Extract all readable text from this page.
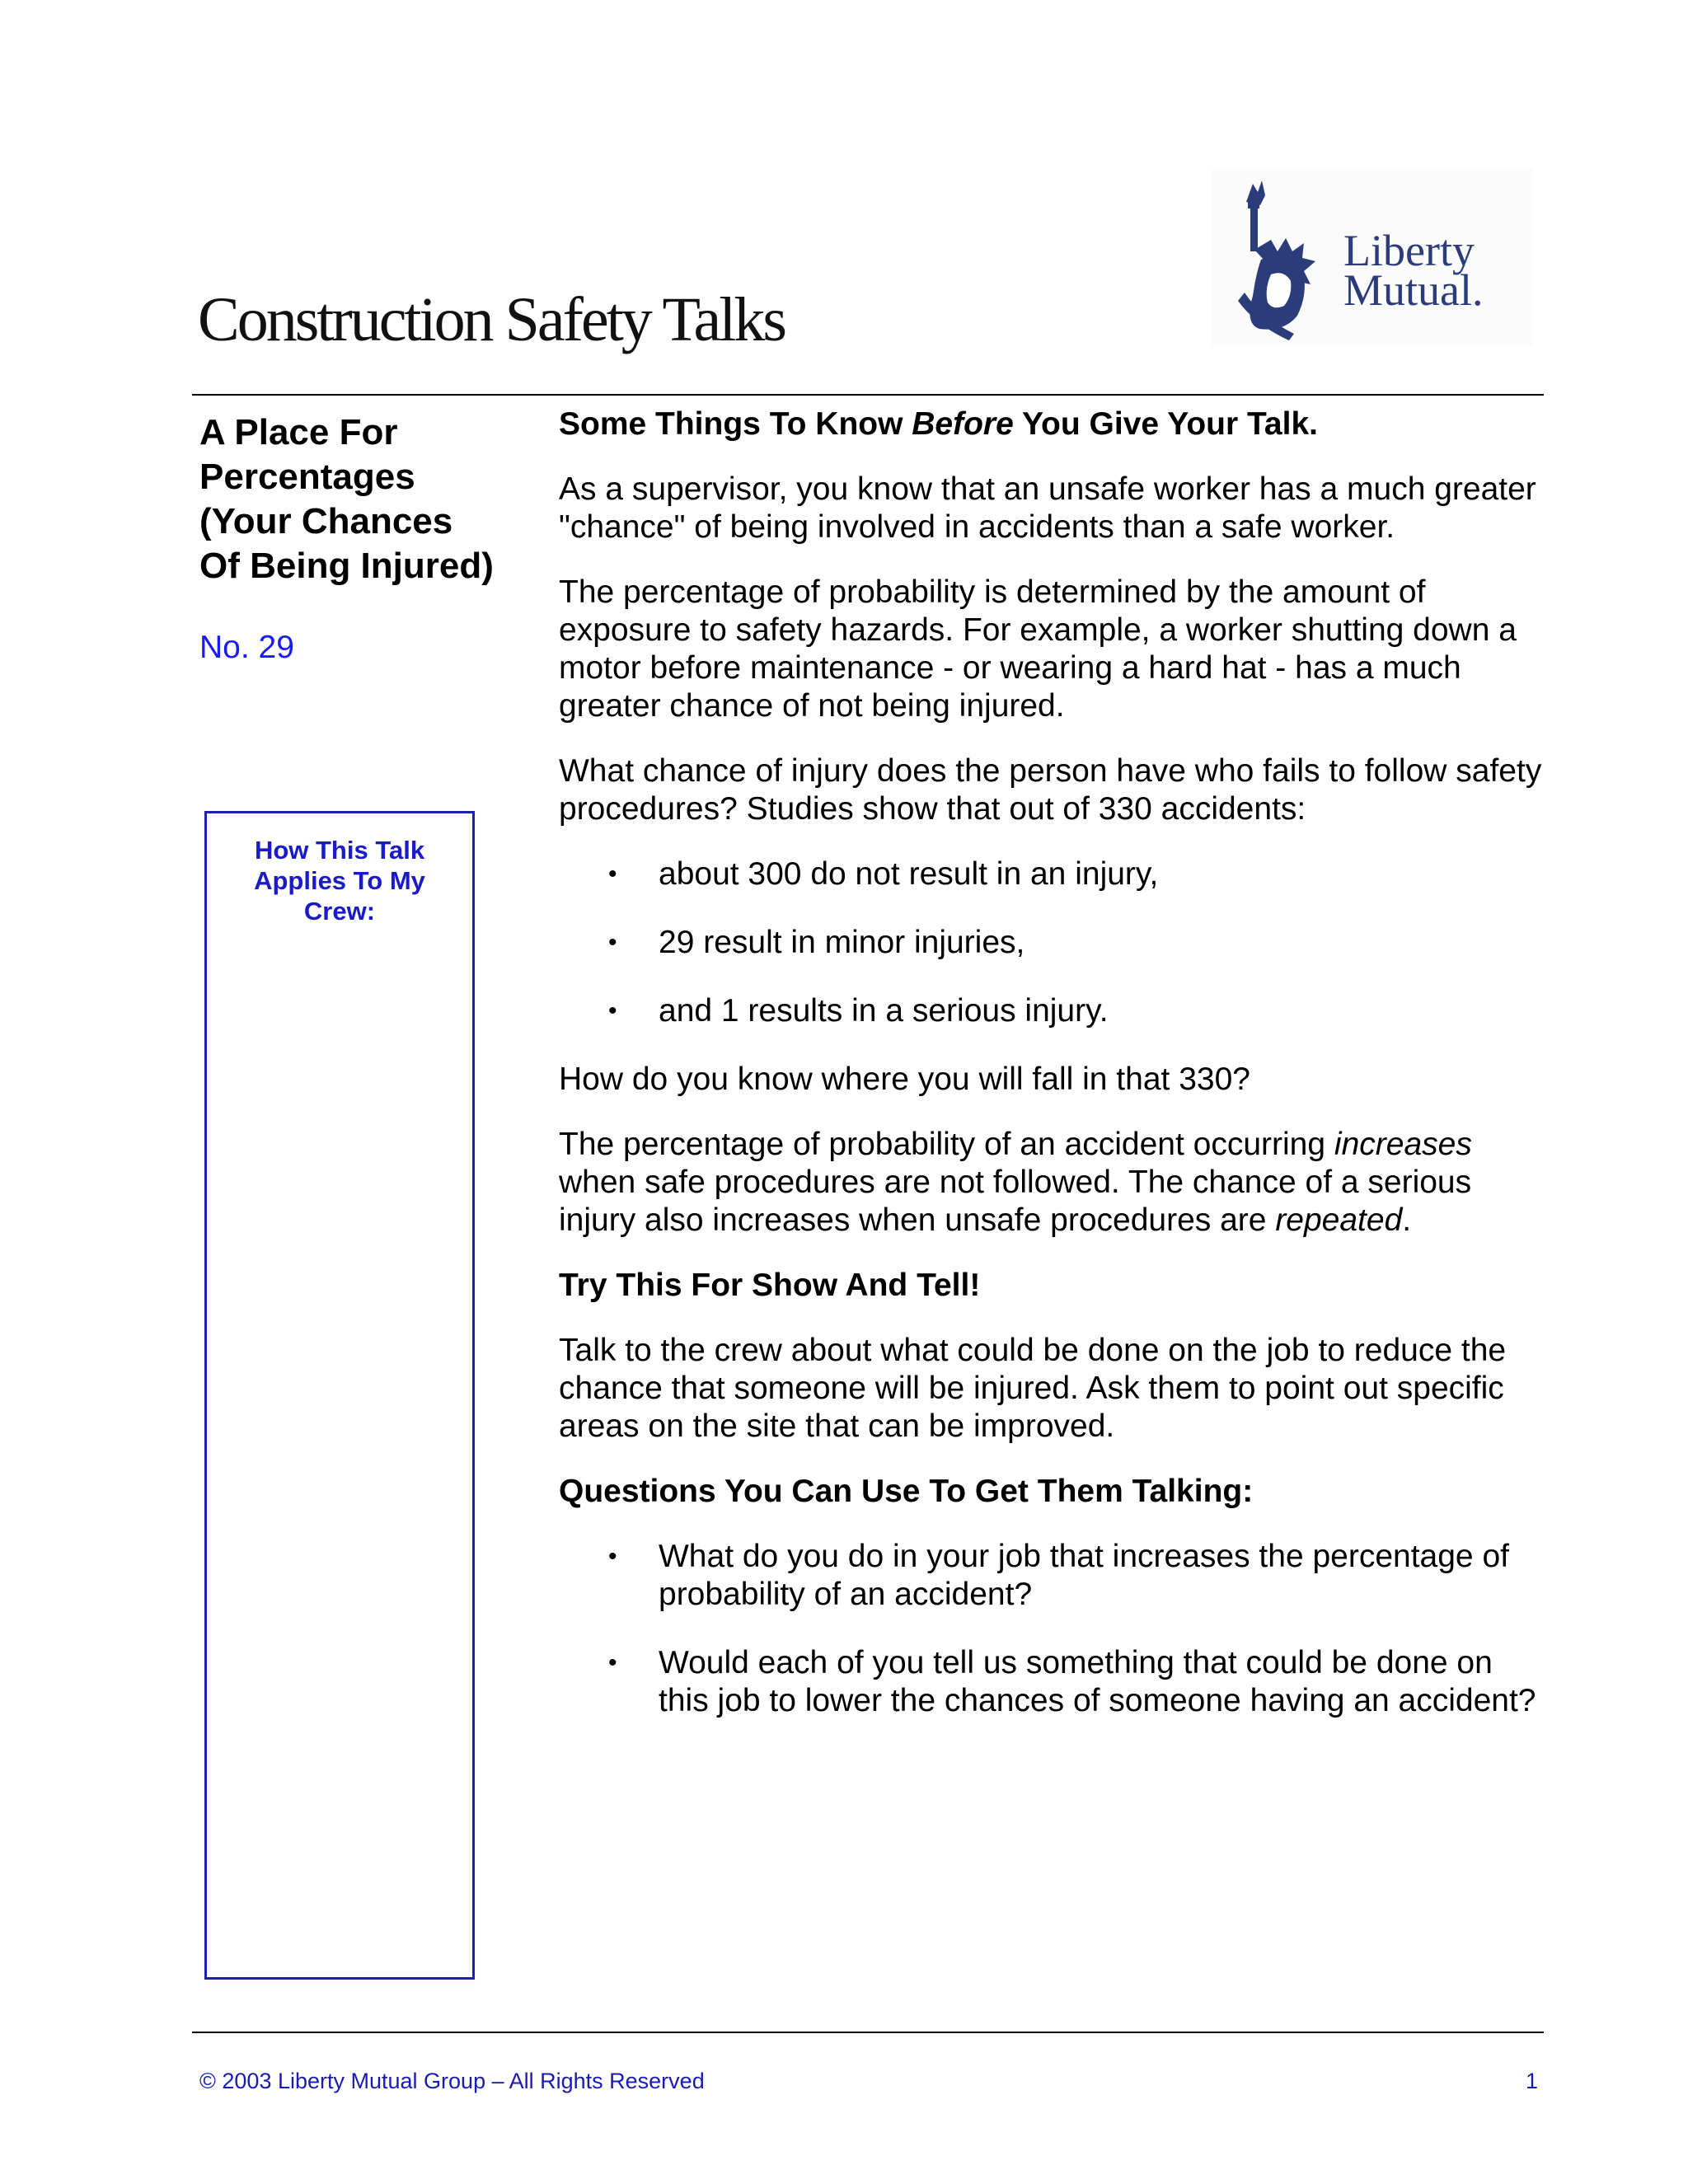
Construction Safety Talks
Liberty
Mutual.
A Place For Percentages (Your Chances Of Being Injured)
No. 29
How This Talk Applies To My Crew:
Some Things To Know Before You Give Your Talk.

As a supervisor, you know that an unsafe worker has a much greater "chance" of being involved in accidents than a safe worker.

The percentage of probability is determined by the amount of exposure to safety hazards. For example, a worker shutting down a motor before maintenance - or wearing a hard hat - has a much greater chance of not being injured.

What chance of injury does the person have who fails to follow safety procedures? Studies show that out of 330 accidents:

• about 300 do not result in an injury,
• 29 result in minor injuries,
• and 1 results in a serious injury.

How do you know where you will fall in that 330?

The percentage of probability of an accident occurring increases when safe procedures are not followed. The chance of a serious injury also increases when unsafe procedures are repeated.

Try This For Show And Tell!

Talk to the crew about what could be done on the job to reduce the chance that someone will be injured. Ask them to point out specific areas on the site that can be improved.

Questions You Can Use To Get Them Talking:
• What do you do in your job that increases the percentage of probability of an accident?
• Would each of you tell us something that could be done on this job to lower the chances of someone having an accident?
© 2003 Liberty Mutual Group – All Rights Reserved	1
